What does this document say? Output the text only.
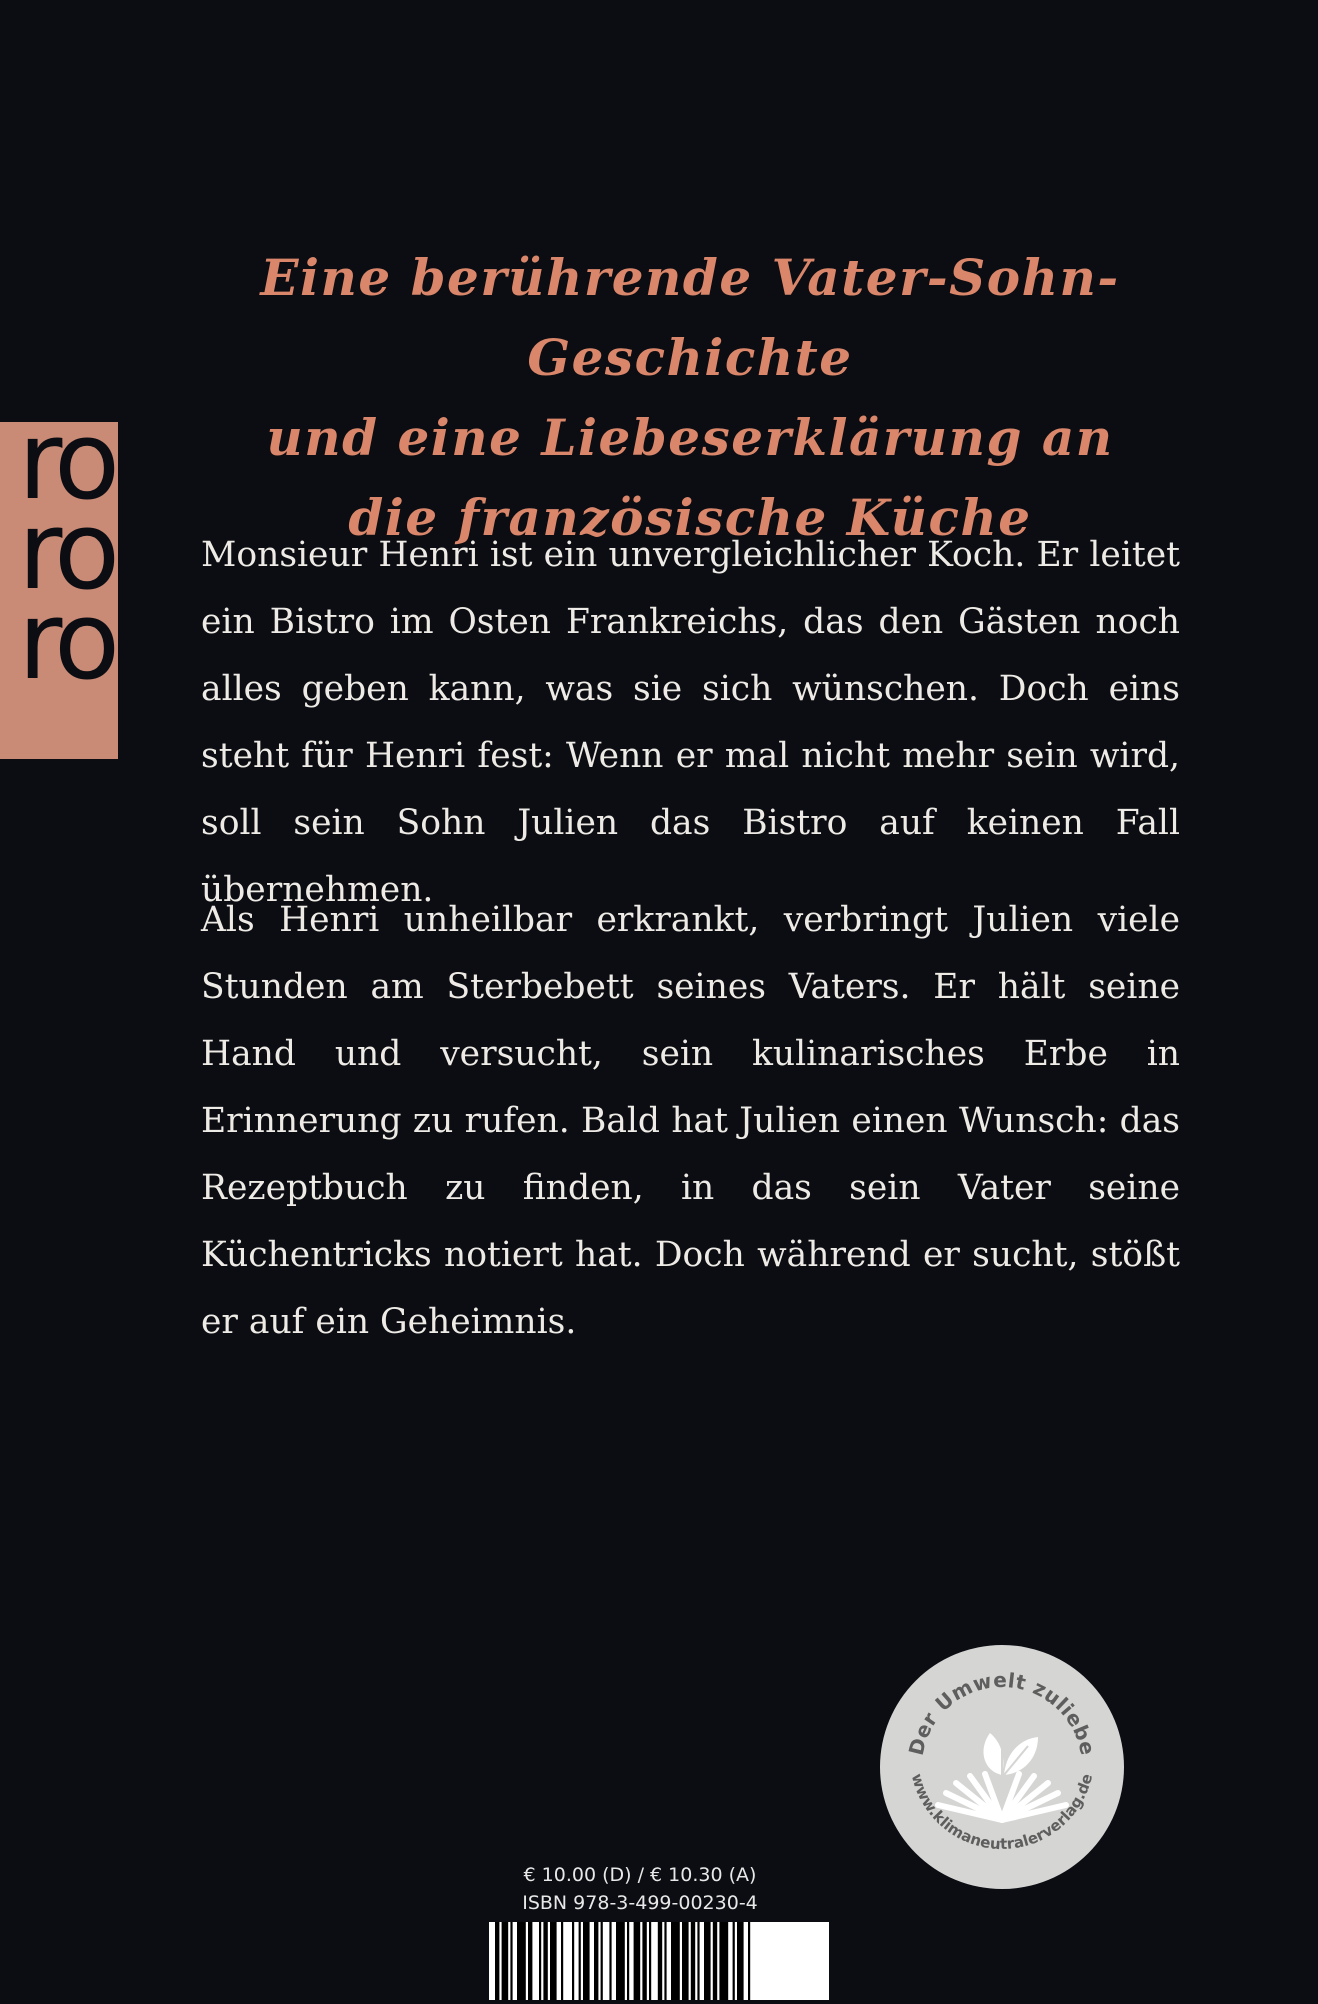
Eine berührende Vater-Sohn-Geschichte
und eine Liebeserklärung an
die französische Küche
ro
ro
ro

Monsieur Henri ist ein unvergleichlicher Koch. Er leitet ein Bistro im Osten Frankreichs, das den Gästen noch alles geben kann, was sie sich wünschen. Doch eins steht für Henri fest: Wenn er mal nicht mehr sein wird, soll sein Sohn Julien das Bistro auf keinen Fall übernehmen.

Als Henri unheilbar erkrankt, verbringt Julien viele Stunden am Sterbebett seines Vaters. Er hält seine Hand und versucht, sein kulinarisches Erbe in Erinnerung zu rufen. Bald hat Julien einen Wunsch: das Rezeptbuch zu finden, in das sein Vater seine Küchentricks notiert hat. Doch während er sucht, stößt er auf ein Geheimnis.

Der Umwelt zuliebe
www.klimaneutralerverlag.de
€ 10.00 (D) / € 10.30 (A)
ISBN 978-3-499-00230-4
